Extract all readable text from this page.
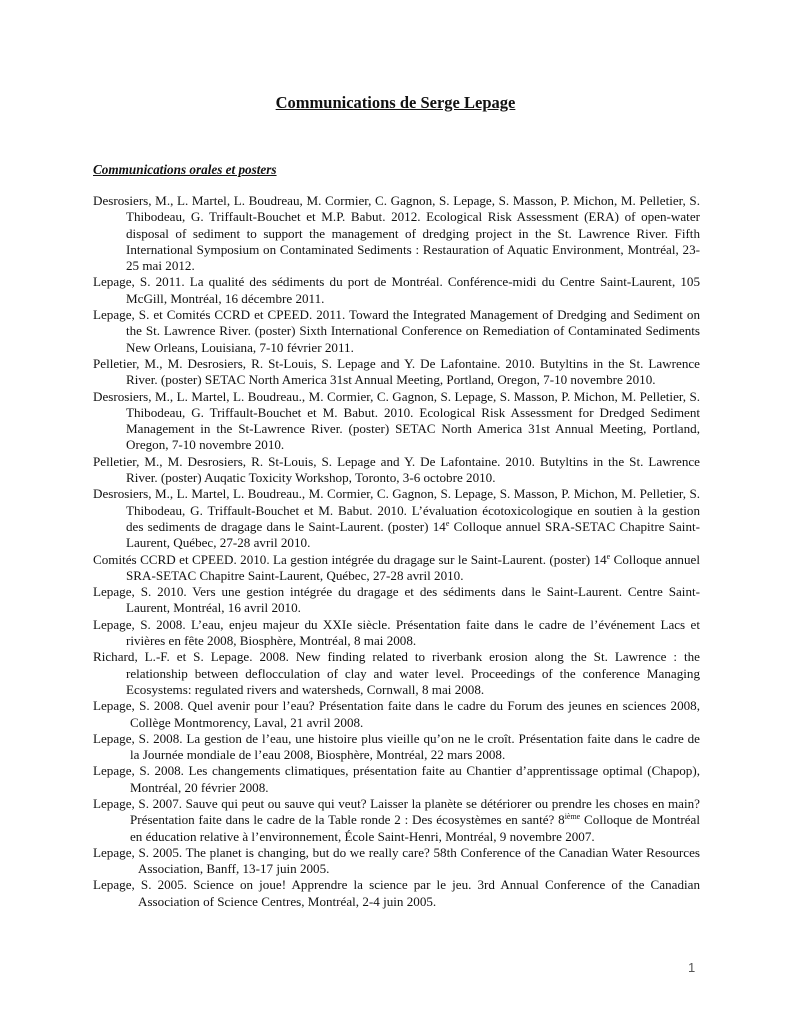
Communications de Serge Lepage
Communications orales et posters
Desrosiers, M., L. Martel, L. Boudreau, M. Cormier, C. Gagnon, S. Lepage, S. Masson, P. Michon, M. Pelletier, S. Thibodeau, G. Triffault-Bouchet et M.P. Babut. 2012. Ecological Risk Assessment (ERA) of open-water disposal of sediment to support the management of dredging project in the St. Lawrence River. Fifth International Symposium on Contaminated Sediments : Restauration of Aquatic Environment, Montréal, 23-25 mai 2012.
Lepage, S. 2011. La qualité des sédiments du port de Montréal. Conférence-midi du Centre Saint-Laurent, 105 McGill, Montréal, 16 décembre 2011.
Lepage, S. et Comités CCRD et CPEED. 2011. Toward the Integrated Management of Dredging and Sediment on the St. Lawrence River. (poster) Sixth International Conference on Remediation of Contaminated Sediments New Orleans, Louisiana, 7-10 février 2011.
Pelletier, M., M. Desrosiers, R. St-Louis, S. Lepage and Y. De Lafontaine. 2010. Butyltins in the St. Lawrence River. (poster) SETAC North America 31st Annual Meeting, Portland, Oregon, 7-10 novembre 2010.
Desrosiers, M., L. Martel, L. Boudreau., M. Cormier, C. Gagnon, S. Lepage, S. Masson, P. Michon, M. Pelletier, S. Thibodeau, G. Triffault-Bouchet et M. Babut. 2010. Ecological Risk Assessment for Dredged Sediment Management in the St-Lawrence River. (poster) SETAC North America 31st Annual Meeting, Portland, Oregon, 7-10 novembre 2010.
Pelletier, M., M. Desrosiers, R. St-Louis, S. Lepage and Y. De Lafontaine. 2010. Butyltins in the St. Lawrence River. (poster) Auqatic Toxicity Workshop, Toronto, 3-6 octobre 2010.
Desrosiers, M., L. Martel, L. Boudreau., M. Cormier, C. Gagnon, S. Lepage, S. Masson, P. Michon, M. Pelletier, S. Thibodeau, G. Triffault-Bouchet et M. Babut. 2010. L’évaluation écotoxicologique en soutien à la gestion des sediments de dragage dans le Saint-Laurent. (poster) 14e Colloque annuel SRA-SETAC Chapitre Saint-Laurent, Québec, 27-28 avril 2010.
Comités CCRD et CPEED. 2010. La gestion intégrée du dragage sur le Saint-Laurent. (poster) 14e Colloque annuel SRA-SETAC Chapitre Saint-Laurent, Québec, 27-28 avril 2010.
Lepage, S. 2010. Vers une gestion intégrée du dragage et des sédiments dans le Saint-Laurent. Centre Saint-Laurent, Montréal, 16 avril 2010.
Lepage, S. 2008. L’eau, enjeu majeur du XXIe siècle. Présentation faite dans le cadre de l’événement Lacs et rivières en fête 2008, Biosphère, Montréal, 8 mai 2008.
Richard, L.-F. et S. Lepage. 2008. New finding related to riverbank erosion along the St. Lawrence : the relationship between deflocculation of clay and water level. Proceedings of the conference Managing Ecosystems: regulated rivers and watersheds, Cornwall, 8 mai 2008.
Lepage, S. 2008. Quel avenir pour l’eau? Présentation faite dans le cadre du Forum des jeunes en sciences 2008, Collège Montmorency, Laval, 21 avril 2008.
Lepage, S. 2008. La gestion de l’eau, une histoire plus vieille qu’on ne le croît. Présentation faite dans le cadre de la Journée mondiale de l’eau 2008, Biosphère, Montréal, 22 mars 2008.
Lepage, S. 2008. Les changements climatiques, présentation faite au Chantier d’apprentissage optimal (Chapop), Montréal, 20 février 2008.
Lepage, S. 2007. Sauve qui peut ou sauve qui veut? Laisser la planète se détériorer ou prendre les choses en main? Présentation faite dans le cadre de la Table ronde 2 : Des écosystèmes en santé? 8ième Colloque de Montréal en éducation relative à l’environnement, École Saint-Henri, Montréal, 9 novembre 2007.
Lepage, S. 2005. The planet is changing, but do we really care? 58th Conference of the Canadian Water Resources Association, Banff, 13-17 juin 2005.
Lepage, S. 2005. Science on joue! Apprendre la science par le jeu. 3rd Annual Conference of the Canadian Association of Science Centres, Montréal, 2-4 juin 2005.
1
